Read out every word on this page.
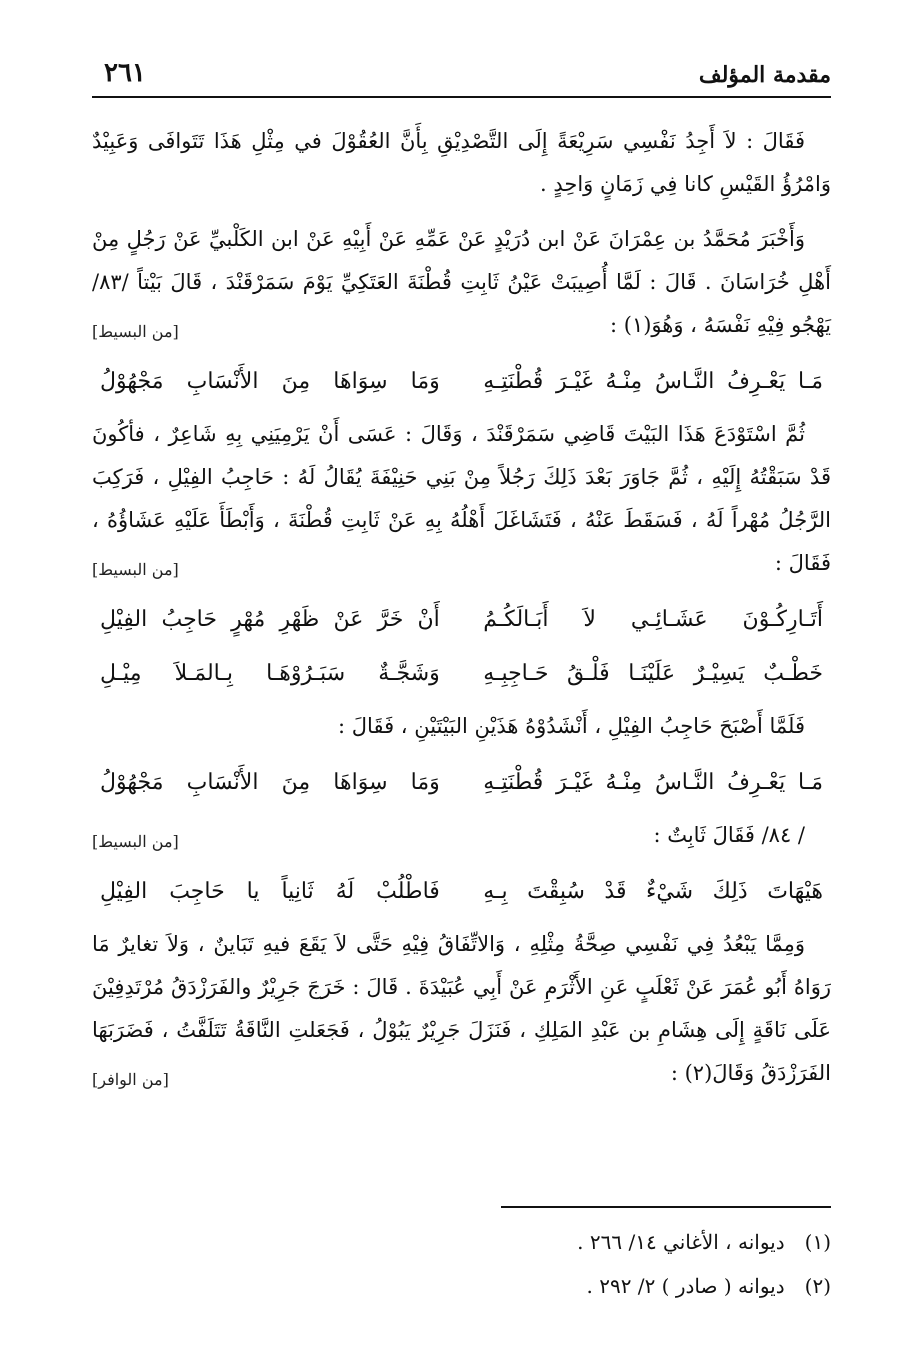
مقدمة المؤلف
٢٦١

فَقَالَ : لاَ أَجِدُ نَفْسِي سَرِيْعَةً إِلَى التَّصْدِيْقِ بِأَنَّ العُقُوْلَ في مِثْلِ هَذَا تَتَوافَى وَعَبِيْدٌ وَامْرُؤُ القَيْسِ كانا فِي زَمَانٍ وَاحِدٍ .

وَأَخْبَرَ مُحَمَّدُ بن عِمْرَانَ عَنْ ابن دُرَيْدٍ عَنْ عَمِّهِ عَنْ أَبِيْهِ عَنْ ابن الكَلْبيِّ عَنْ رَجُلٍ مِنْ أَهْلِ خُرَاسَانَ . قَالَ : لَمَّا أُصِيبَتْ عَيْنُ ثَابِتِ قُطْنَةَ العَتَكِيِّ يَوْمَ سَمَرْقَنْدَ ، قَالَ بَيْتاً /٨٣/ يَهْجُو فِيْهِ نَفْسَهُ ، وَهُوَ(١) :

[من البسيط]
مَـا يَعْـرِفُ النَّـاسُ مِنْـهُ غَيْـرَ قُطْنَتِـهِ
وَمَا سِوَاهَا مِنَ الأَنْسَابِ مَجْهُوْلُ

ثُمَّ اسْتَوْدَعَ هَذَا البَيْتَ قَاضِي سَمَرْقَنْدَ ، وَقَالَ : عَسَى أَنْ يَرْمِيَنِي بِهِ شَاعِرٌ ، فأكُونَ قَدْ سَبَقْتُهُ إِلَيْهِ ، ثُمَّ جَاوَرَ بَعْدَ ذَلِكَ رَجُلاً مِنْ بَنِي حَنِيْفَةَ يُقَالُ لَهُ : حَاجِبُ الفِيْلِ ، فَرَكِبَ الرَّجُلُ مُهْراً لَهُ ، فَسَقَطَ عَنْهُ ، فَتَشَاغَلَ أَهْلُهُ بِهِ عَنْ ثَابِتِ قُطْنَةَ ، وَأَبْطَأَ عَلَيْهِ عَشَاؤُهُ ، فَقَالَ :

[من البسيط]
أَتَـارِكُـوْنَ عَشَـائِـي لاَ أَبَـالَكُـمُ
أَنْ خَرَّ عَنْ ظَهْرِ مُهْرٍ حَاجِبُ الفِيْلِ
خَطْـبٌ يَسِيْـرٌ عَلَيْنَـا فَلْـقُ حَـاجِبِـهِ
وَشَجَّـةٌ سَبَـرُوْهَـا بِـالمَـلاَ مِيْـلِ

فَلَمَّا أَصْبَحَ حَاجِبُ الفِيْلِ ، أَنْشَدُوْهُ هَذَيْنِ البَيْتَيْنِ ، فَقَالَ :

مَـا يَعْـرِفُ النَّـاسُ مِنْـهُ غَيْـرَ قُطْنَتِـهِ
وَمَا سِوَاهَا مِنَ الأَنْسَابِ مَجْهُوْلُ

/ ٨٤/ فَقَالَ ثَابِتٌ :

[من البسيط]
هَيْهَاتَ ذَلِكَ شَيْءٌ قَدْ سُبِقْتَ بِـهِ
فَاطْلُبْ لَهُ ثَانِياً يا حَاجِبَ الفِيْلِ

وَمِمَّا يَبْعُدُ فِي نَفْسِي صِحَّةُ مِثْلِهِ ، وَالاتِّفَاقُ فِيْهِ حَتَّى لاَ يَقَعَ فيهِ تَبَاينٌ ، وَلاَ تغايرٌ مَا رَوَاهُ أَبُو عُمَرَ عَنْ ثَعْلَبٍ عَنِ الأَثْرَمِ عَنْ أَبِي عُبَيْدَةَ . قَالَ : خَرَجَ جَرِيْرٌ والفَرَزْدَقُ مُرْتَدِفِيْنَ عَلَى نَاقَةٍ إِلَى هِشَامِ بن عَبْدِ المَلِكِ ، فَنَزَلَ جَرِيْرٌ يَبُوْلُ ، فَجَعَلتِ النَّاقَةُ تَتَلَفَّتُ ، فَضَرَبَهَا الفَرَزْدَقُ وَقَالَ(٢) :

[من الوافر]

(١) ديوانه ، الأغاني ١٤/ ٢٦٦ .

(٢) ديوانه ( صادر ) ٢/ ٢٩٢ .
